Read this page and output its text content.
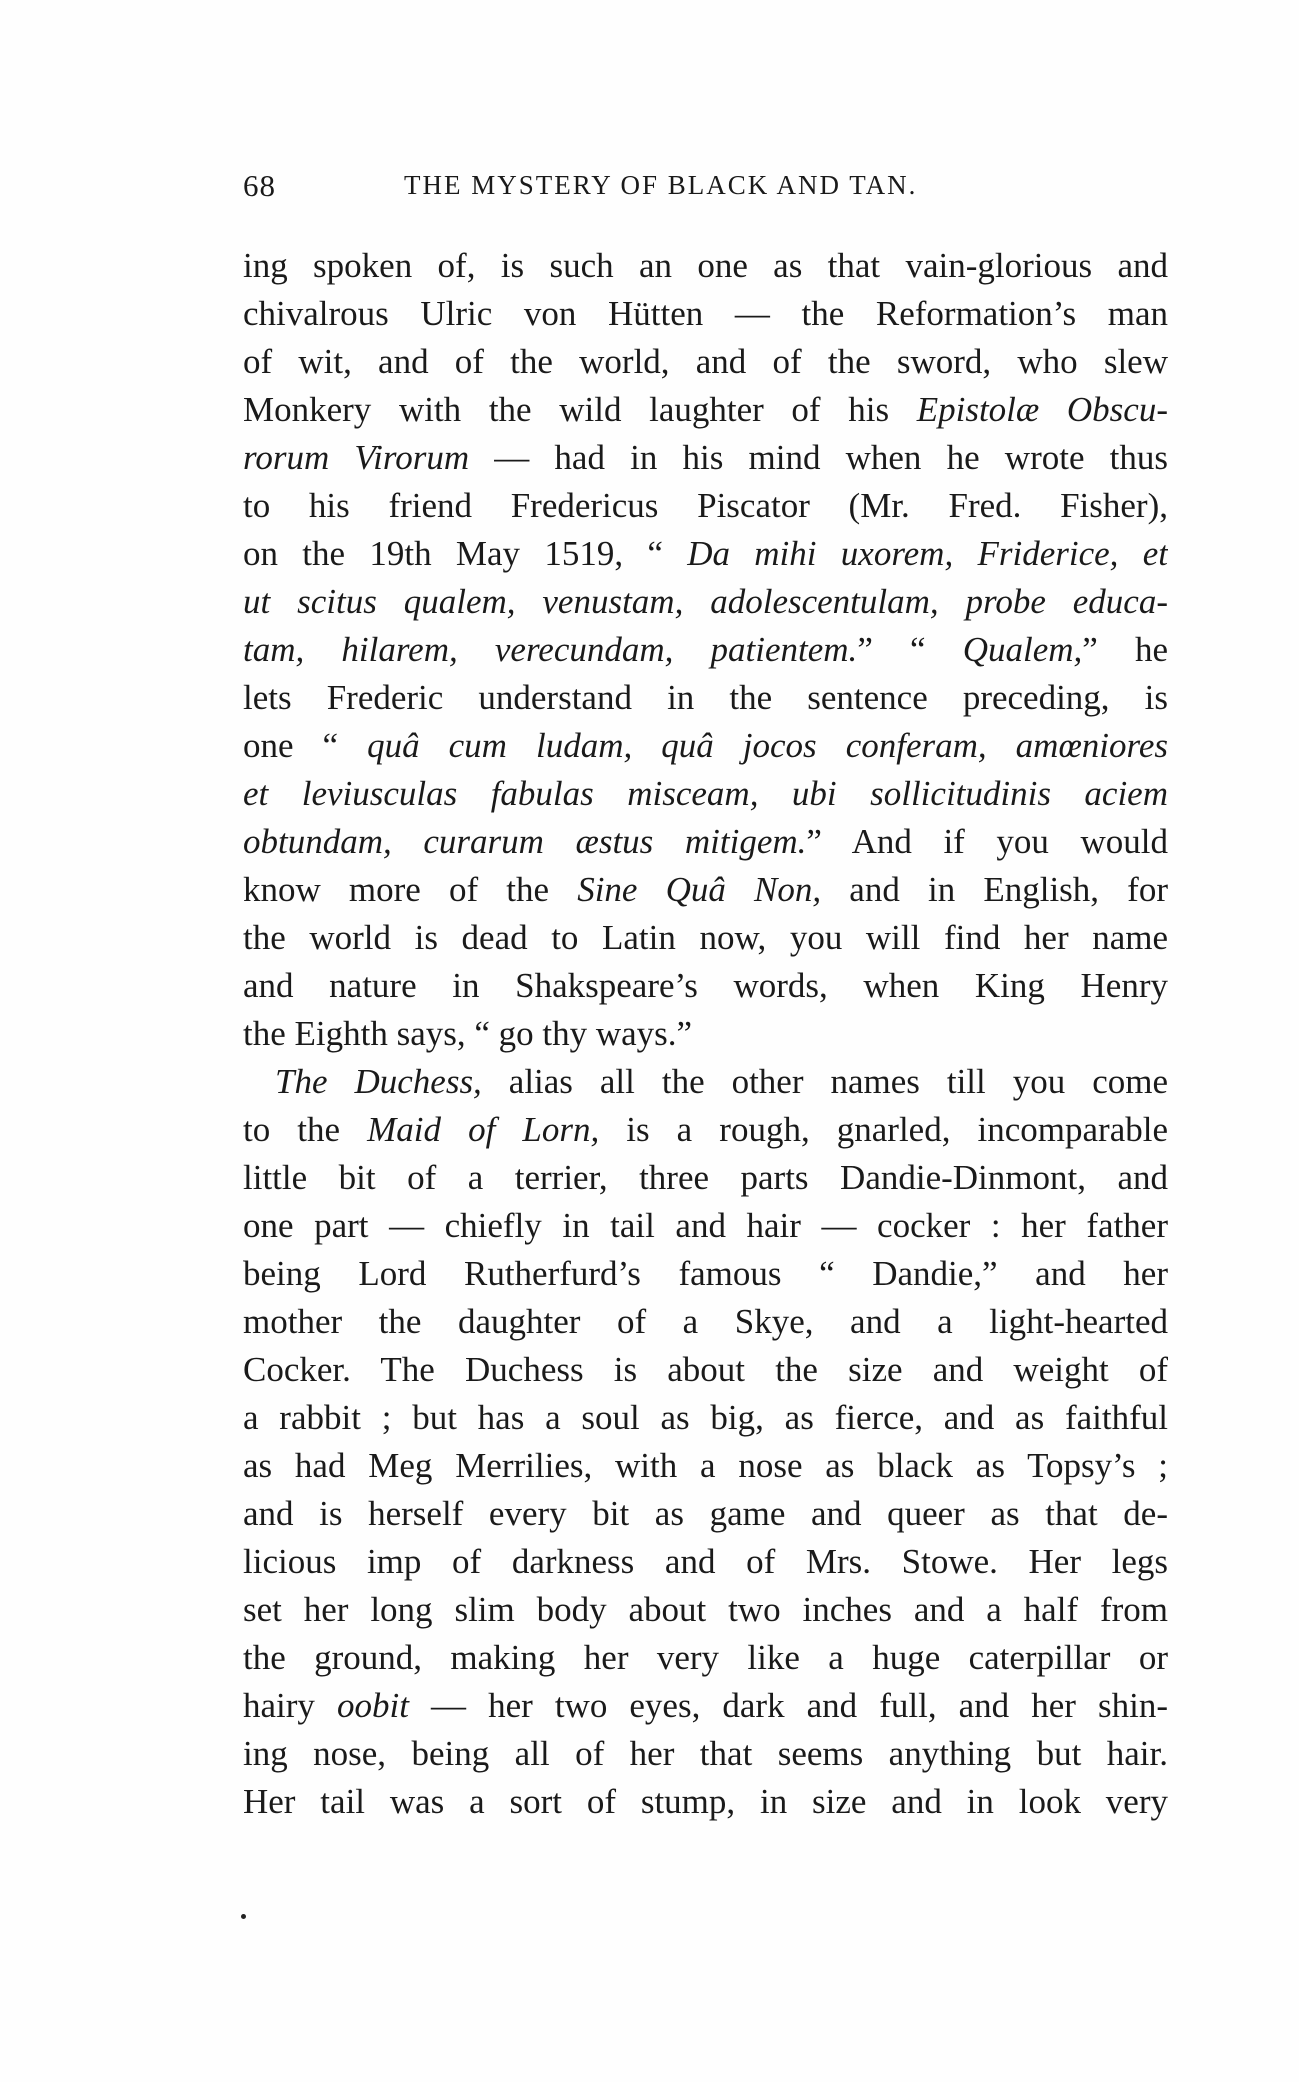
68	THE MYSTERY OF BLACK AND TAN.
ing spoken of, is such an one as that vain-glorious and
chivalrous Ulric von Hütten — the Reformation’s man
of wit, and of the world, and of the sword, who slew
Monkery with the wild laughter of his Epistolæ Obscu-
rorum Virorum — had in his mind when he wrote thus
to his friend Fredericus Piscator (Mr. Fred. Fisher),
on the 19th May 1519, “ Da mihi uxorem, Friderice, et
ut scitus qualem, venustam, adolescentulam, probe educa-
tam, hilarem, verecundam, patientem.” “ Qualem,” he
lets Frederic understand in the sentence preceding, is
one “ quâ cum ludam, quâ jocos conferam, amœniores
et leviusculas fabulas misceam, ubi sollicitudinis aciem
obtundam, curarum æstus mitigem.” And if you would
know more of the Sine Quâ Non, and in English, for
the world is dead to Latin now, you will find her name
and nature in Shakspeare’s words, when King Henry
the Eighth says, “ go thy ways.”
The Duchess, alias all the other names till you come
to the Maid of Lorn, is a rough, gnarled, incomparable
little bit of a terrier, three parts Dandie-Dinmont, and
one part — chiefly in tail and hair — cocker : her father
being Lord Rutherfurd’s famous “ Dandie,” and her
mother the daughter of a Skye, and a light-hearted
Cocker. The Duchess is about the size and weight of
a rabbit ; but has a soul as big, as fierce, and as faithful
as had Meg Merrilies, with a nose as black as Topsy’s ;
and is herself every bit as game and queer as that de-
licious imp of darkness and of Mrs. Stowe. Her legs
set her long slim body about two inches and a half from
the ground, making her very like a huge caterpillar or
hairy oobit — her two eyes, dark and full, and her shin-
ing nose, being all of her that seems anything but hair.
Her tail was a sort of stump, in size and in look very
